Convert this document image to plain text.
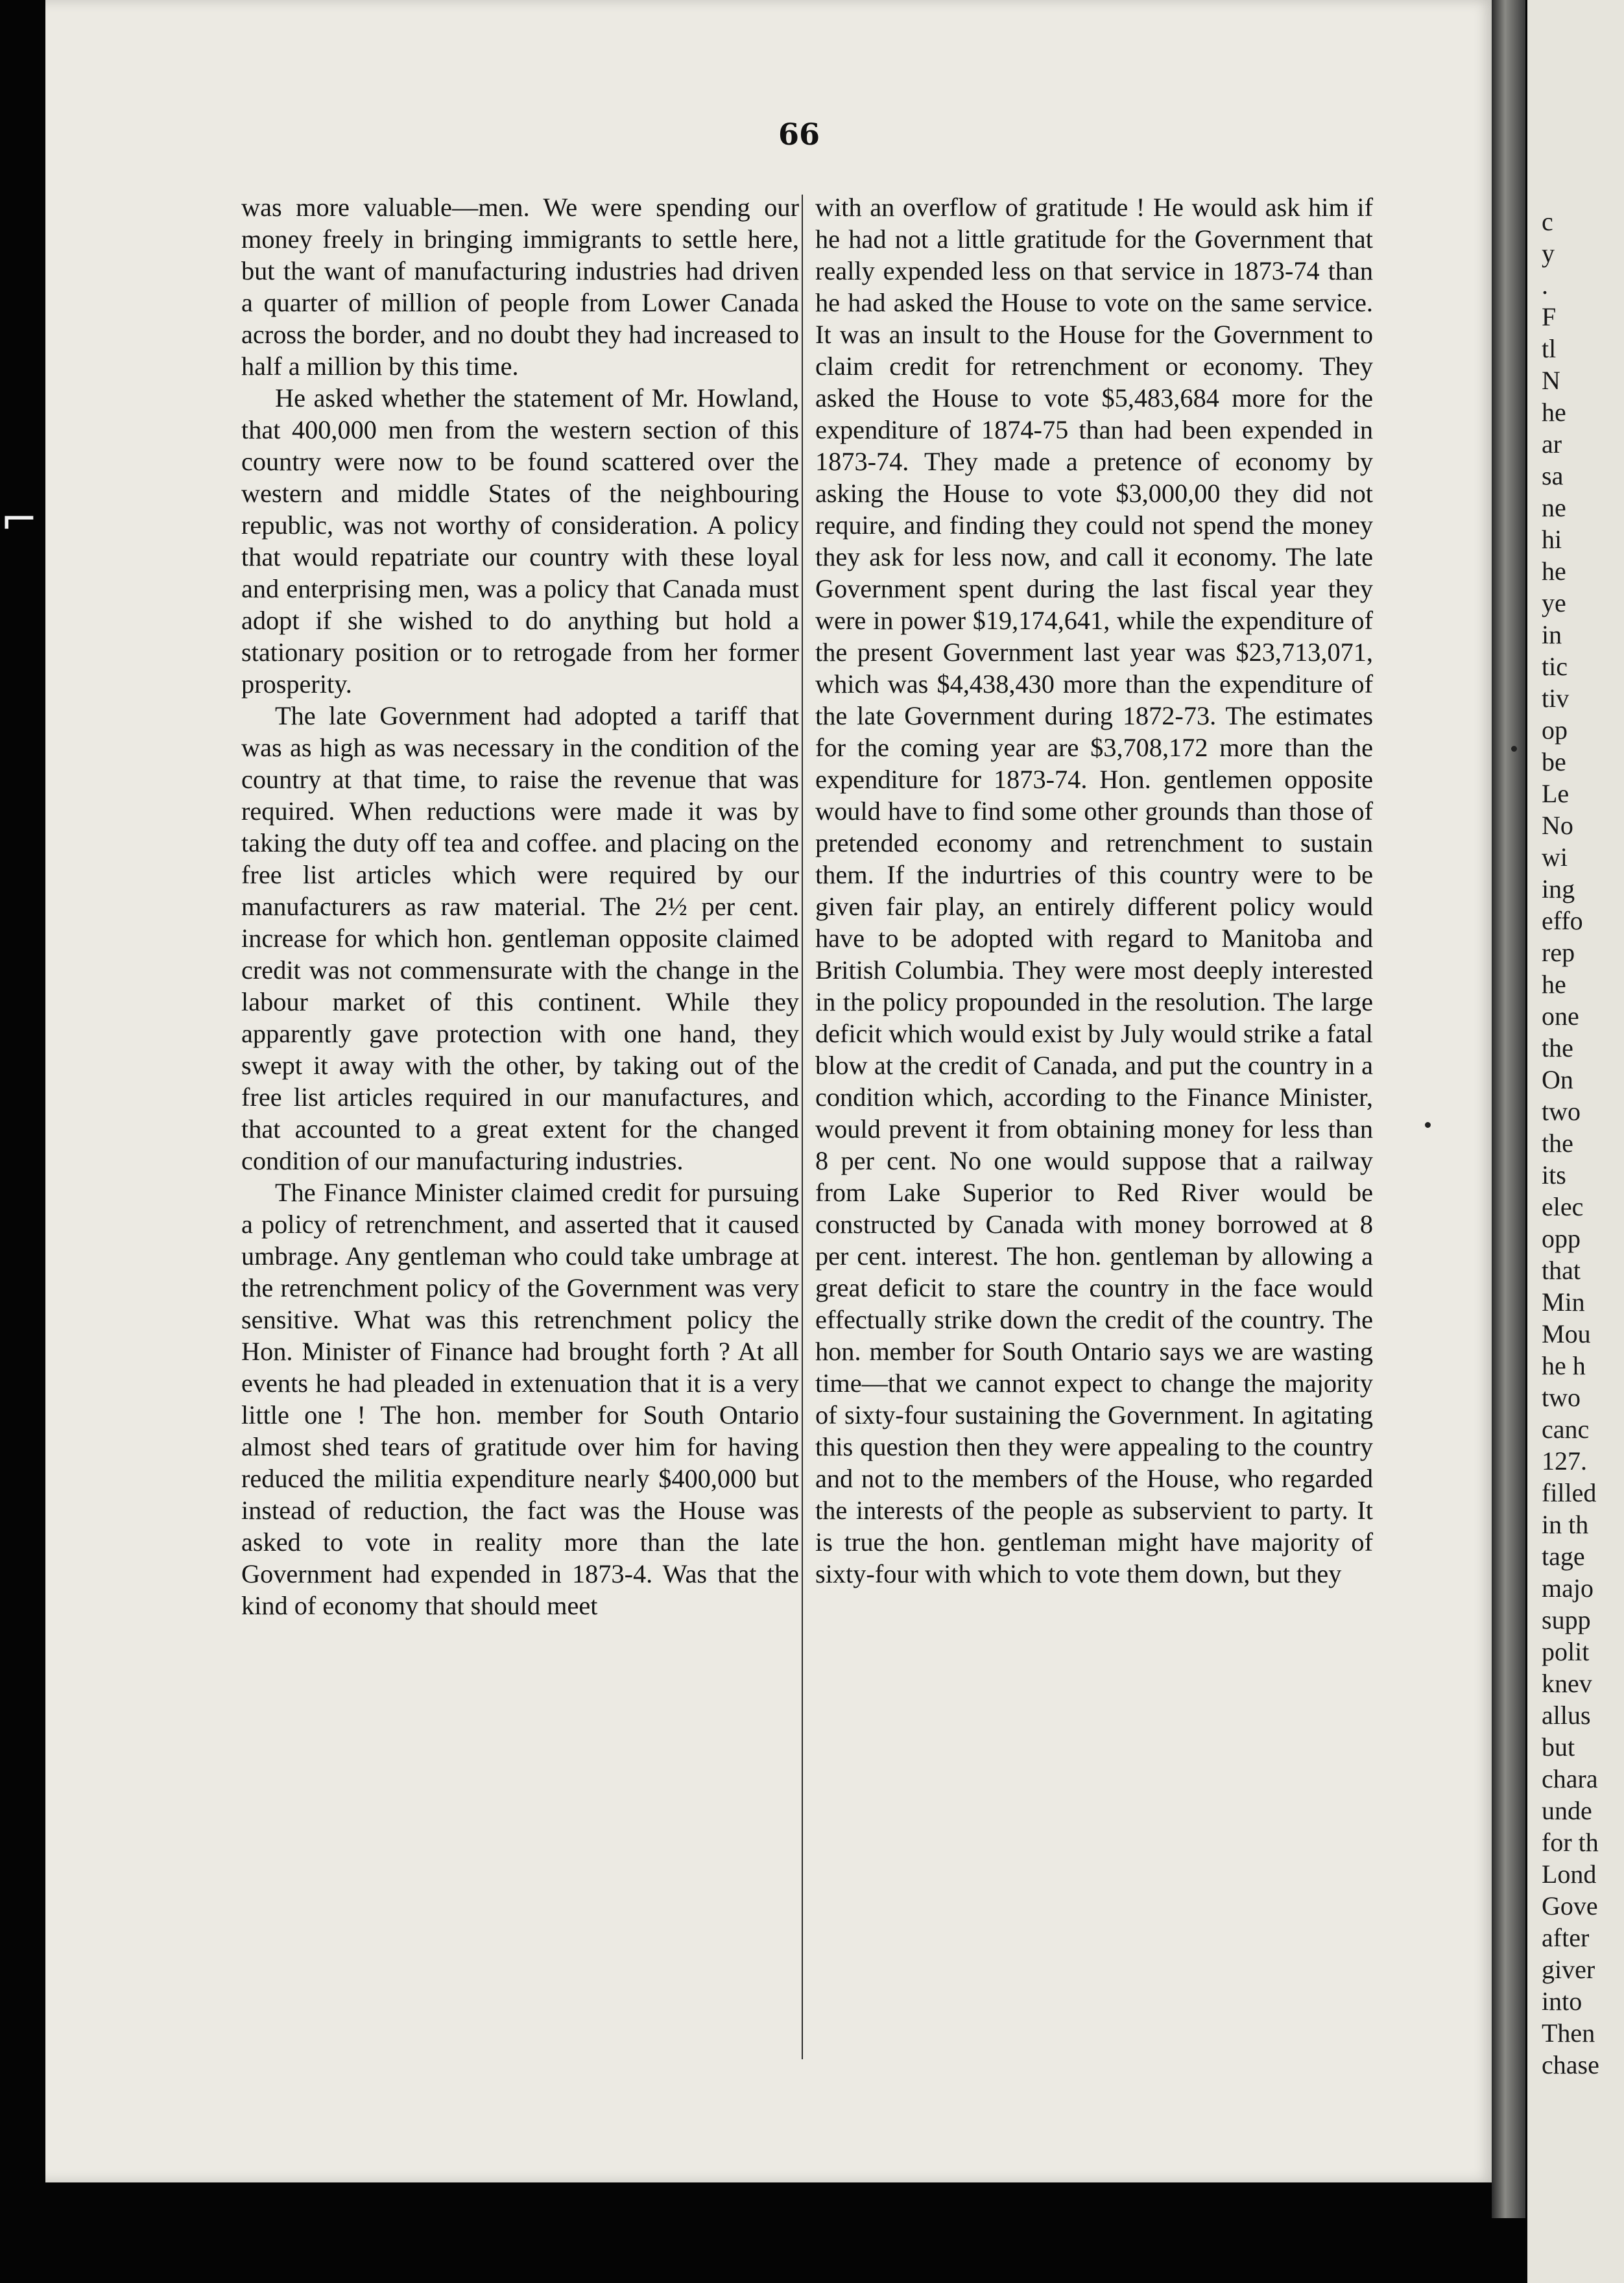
⌐
66

was more valuable—men. We were spending our money freely in bringing immigrants to settle here, but the want of manufacturing industries had driven a quarter of million of people from Lower Canada across the border, and no doubt they had increased to half a million by this time.

He asked whether the statement of Mr. Howland, that 400,000 men from the western section of this country were now to be found scattered over the western and middle States of the neighbouring republic, was not worthy of consideration. A policy that would repatriate our country with these loyal and enterprising men, was a policy that Canada must adopt if she wished to do anything but hold a stationary position or to retrogade from her former prosperity.

The late Government had adopted a tariff that was as high as was necessary in the condition of the country at that time, to raise the revenue that was required. When reductions were made it was by taking the duty off tea and coffee. and placing on the free list articles which were required by our manufacturers as raw material. The 2½ per cent. increase for which hon. gentleman opposite claimed credit was not commensurate with the change in the labour market of this continent. While they apparently gave protection with one hand, they swept it away with the other, by taking out of the free list articles required in our manufactures, and that accounted to a great extent for the changed condition of our manufacturing industries.

The Finance Minister claimed credit for pursuing a policy of retrenchment, and asserted that it caused umbrage. Any gentleman who could take umbrage at the retrenchment policy of the Government was very sensitive. What was this retrenchment policy the Hon. Minister of Finance had brought forth ? At all events he had pleaded in extenuation that it is a very little one ! The hon. member for South Ontario almost shed tears of gratitude over him for having reduced the militia expenditure nearly $400,000 but instead of reduction, the fact was the House was asked to vote in reality more than the late Government had expended in 1873-4. Was that the kind of economy that should meet

with an overflow of gratitude ! He would ask him if he had not a little gratitude for the Government that really expended less on that service in 1873-74 than he had asked the House to vote on the same service. It was an insult to the House for the Government to claim credit for retrenchment or economy. They asked the House to vote $5,483,684 more for the expenditure of 1874-75 than had been expended in 1873-74. They made a pretence of economy by asking the House to vote $3,000,00 they did not require, and finding they could not spend the money they ask for less now, and call it economy. The late Government spent during the last fiscal year they were in power $19,174,641, while the expenditure of the present Government last year was $23,713,071, which was $4,438,430 more than the expenditure of the late Government during 1872-73. The estimates for the coming year are $3,708,172 more than the expenditure for 1873-74. Hon. gentlemen opposite would have to find some other grounds than those of pretended economy and retrenchment to sustain them. If the indurtries of this country were to be given fair play, an entirely different policy would have to be adopted with regard to Manitoba and British Columbia. They were most deeply interested in the policy propounded in the resolution. The large deficit which would exist by July would strike a fatal blow at the credit of Canada, and put the country in a condition which, according to the Finance Minister, would prevent it from obtaining money for less than 8 per cent. No one would suppose that a railway from Lake Superior to Red River would be constructed by Canada with money borrowed at 8 per cent. interest. The hon. gentleman by allowing a great deficit to stare the country in the face would effectually strike down the credit of the country. The hon. member for South Ontario says we are wasting time—that we cannot expect to change the majority of sixty-four sustaining the Government. In agitating this question then they were appealing to the country and not to the members of the House, who regarded the interests of the people as subservient to party. It is true the hon. gentleman might have majority of sixty-four with which to vote them down, but they

c
y
.
F
tl
N
he
ar
sa
ne
hi
he
ye
in
tic
tiv
op
be
Le
No
wi
ing
effo
rep
he
one
the
On
two
the
its
elec
opp
that
Min
Mou
he h
two
canc
127.
filled
in th
tage
majo
supp
polit
knev
allus
but
chara
unde
for th
Lond
Gove
after
giver
into
Then
chase
